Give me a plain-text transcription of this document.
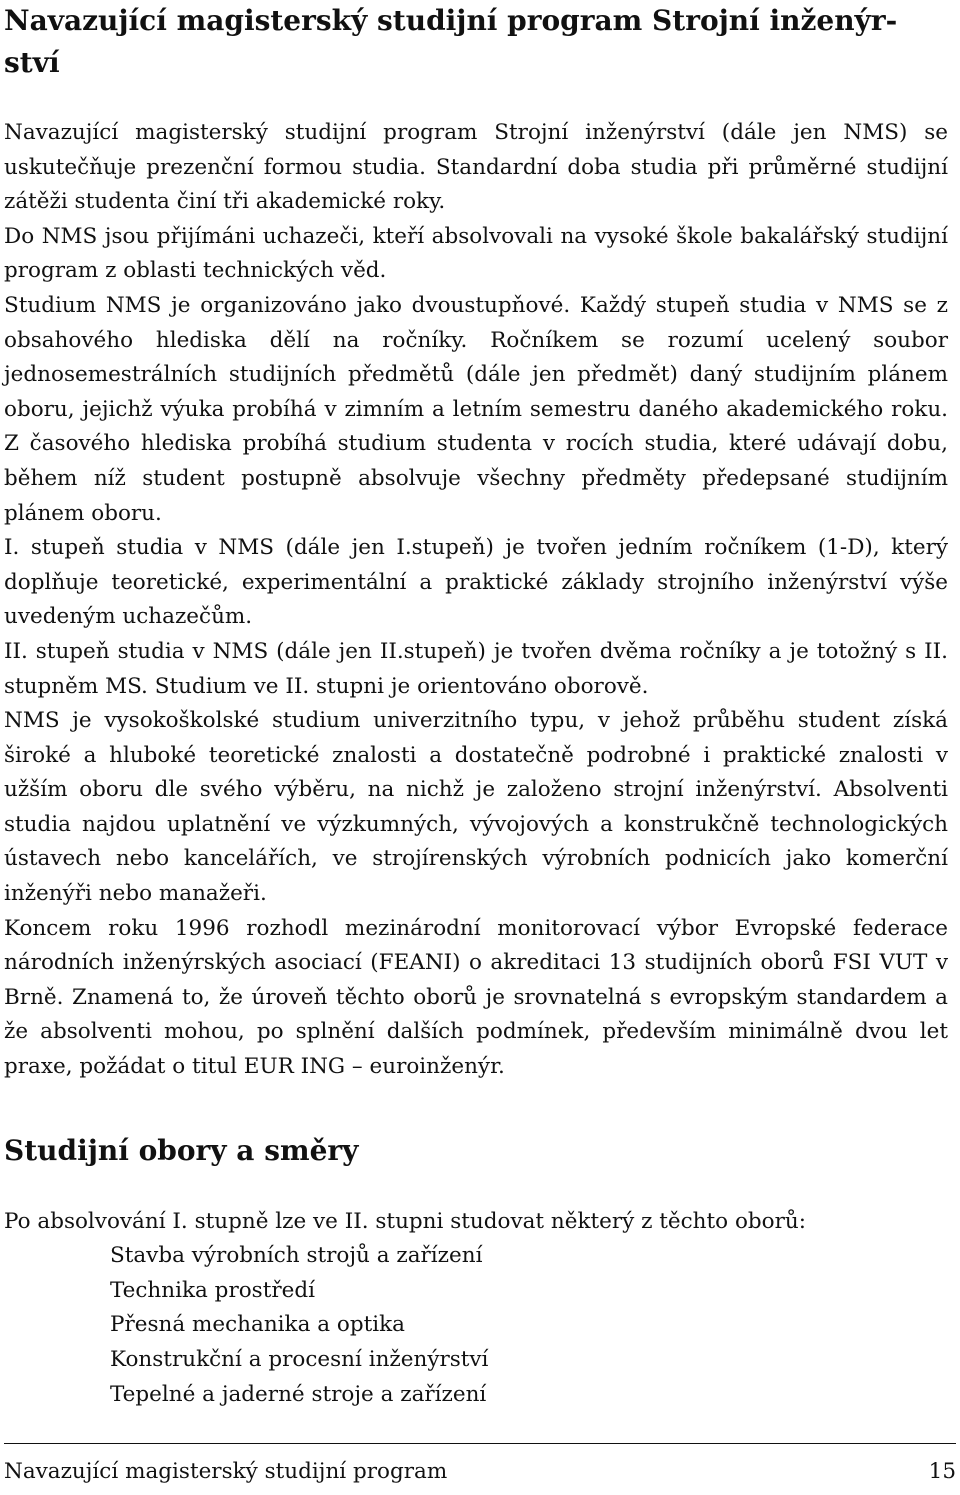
Navazující magisterský studijní program Strojní inženýr-
ství

Navazující magisterský studijní program Strojní inženýrství (dále jen NMS) se uskutečňuje prezenční formou studia. Standardní doba studia při průměrné studijní zátěži studenta činí tři akademické roky.

Do NMS jsou přijímáni uchazeči, kteří absolvovali na vysoké škole bakalářský studijní program z oblasti technických věd.

Studium NMS je organizováno jako dvoustupňové. Každý stupeň studia v NMS se z obsahového hlediska dělí na ročníky. Ročníkem se rozumí ucelený soubor jednosemestrálních studijních předmětů (dále jen předmět) daný studijním plánem oboru, jejichž výuka probíhá v zimním a letním semestru daného akademického roku. Z časového hlediska probíhá studium studenta v rocích studia, které udávají dobu, během níž student postupně absolvuje všechny předměty předepsané studijním plánem oboru.

I. stupeň studia v NMS (dále jen I.stupeň) je tvořen jedním ročníkem (1-D), který doplňuje teoretické, experimentální a praktické základy strojního inženýrství výše uvedeným uchazečům.

II. stupeň studia v NMS (dále jen II.stupeň) je tvořen dvěma ročníky a je totožný s II. stupněm MS. Studium ve II. stupni je orientováno oborově.

NMS je vysokoškolské studium univerzitního typu, v jehož průběhu student získá široké a hluboké teoretické znalosti a dostatečně podrobné i praktické znalosti v užším oboru dle svého výběru, na nichž je založeno strojní inženýrství. Absolventi studia najdou uplatnění ve výzkumných, vývojových a konstrukčně technologických ústavech nebo kancelářích, ve strojírenských výrobních podnicích jako komerční inženýři nebo manažeři.

Koncem roku 1996 rozhodl mezinárodní monitorovací výbor Evropské federace národních inženýrských asociací (FEANI) o akreditaci 13 studijních oborů FSI VUT v Brně. Znamená to, že úroveň těchto oborů je srovnatelná s evropským standardem a že absolventi mohou, po splnění dalších podmínek, především minimálně dvou let praxe, požádat o titul EUR ING – euroinženýr.

Studijní obory a směry
Po absolvování I. stupně lze ve II. stupni studovat některý z těchto oborů:
Stavba výrobních strojů a zařízení
Technika prostředí
Přesná mechanika a optika
Konstrukční a procesní inženýrství
Tepelné a jaderné stroje a zařízení
Navazující magisterský studijní program	15
